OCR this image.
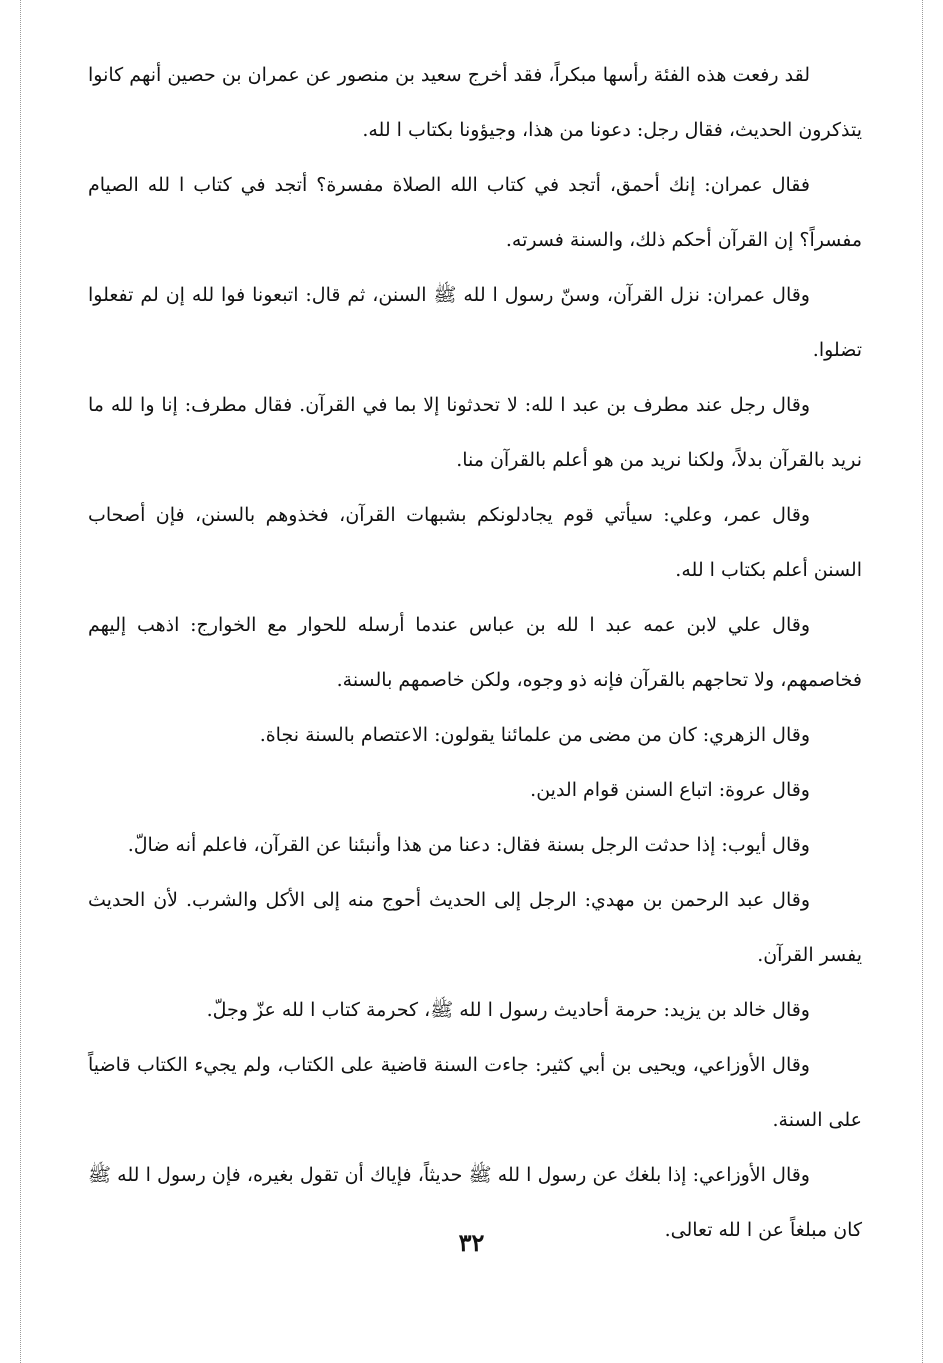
لقد رفعت هذه الفئة رأسها مبكراً، فقد أخرج سعيد بن منصور عن عمران بن حصين أنهم كانوا يتذكرون الحديث، فقال رجل: دعونا من هذا، وجيؤونا بكتاب ا لله.

فقال عمران: إنك أحمق، أتجد في كتاب الله الصلاة مفسرة؟ أتجد في كتاب ا لله الصيام مفسراً؟ إن القرآن أحكم ذلك، والسنة فسرته.

وقال عمران: نزل القرآن، وسنّ رسول ا لله ﷺ السنن، ثم قال: اتبعونا فوا لله إن لم تفعلوا تضلوا.

وقال رجل عند مطرف بن عبد ا لله: لا تحدثونا إلا بما في القرآن. فقال مطرف: إنا وا لله ما نريد بالقرآن بدلاً، ولكنا نريد من هو أعلم بالقرآن منا.

وقال عمر، وعلي: سيأتي قوم يجادلونكم بشبهات القرآن، فخذوهم بالسنن، فإن أصحاب السنن أعلم بكتاب ا لله.

وقال علي لابن عمه عبد ا لله بن عباس عندما أرسله للحوار مع الخوارج: اذهب إليهم فخاصمهم، ولا تحاجهم بالقرآن فإنه ذو وجوه، ولكن خاصمهم بالسنة.

وقال الزهري: كان من مضى من علمائنا يقولون: الاعتصام بالسنة نجاة.

وقال عروة: اتباع السنن قوام الدين.

وقال أيوب: إذا حدثت الرجل بسنة فقال: دعنا من هذا وأنبئنا عن القرآن، فاعلم أنه ضالّ.

وقال عبد الرحمن بن مهدي: الرجل إلى الحديث أحوج منه إلى الأكل والشرب. لأن الحديث يفسر القرآن.

وقال خالد بن يزيد: حرمة أحاديث رسول ا لله ﷺ، كحرمة كتاب ا لله عزّ وجلّ.

وقال الأوزاعي، ويحيى بن أبي كثير: جاءت السنة قاضية على الكتاب، ولم يجيء الكتاب قاضياً على السنة.

وقال الأوزاعي: إذا بلغك عن رسول ا لله ﷺ حديثاً، فإياك أن تقول بغيره، فإن رسول ا لله ﷺ كان مبلغاً عن ا لله تعالى.

٣٢
